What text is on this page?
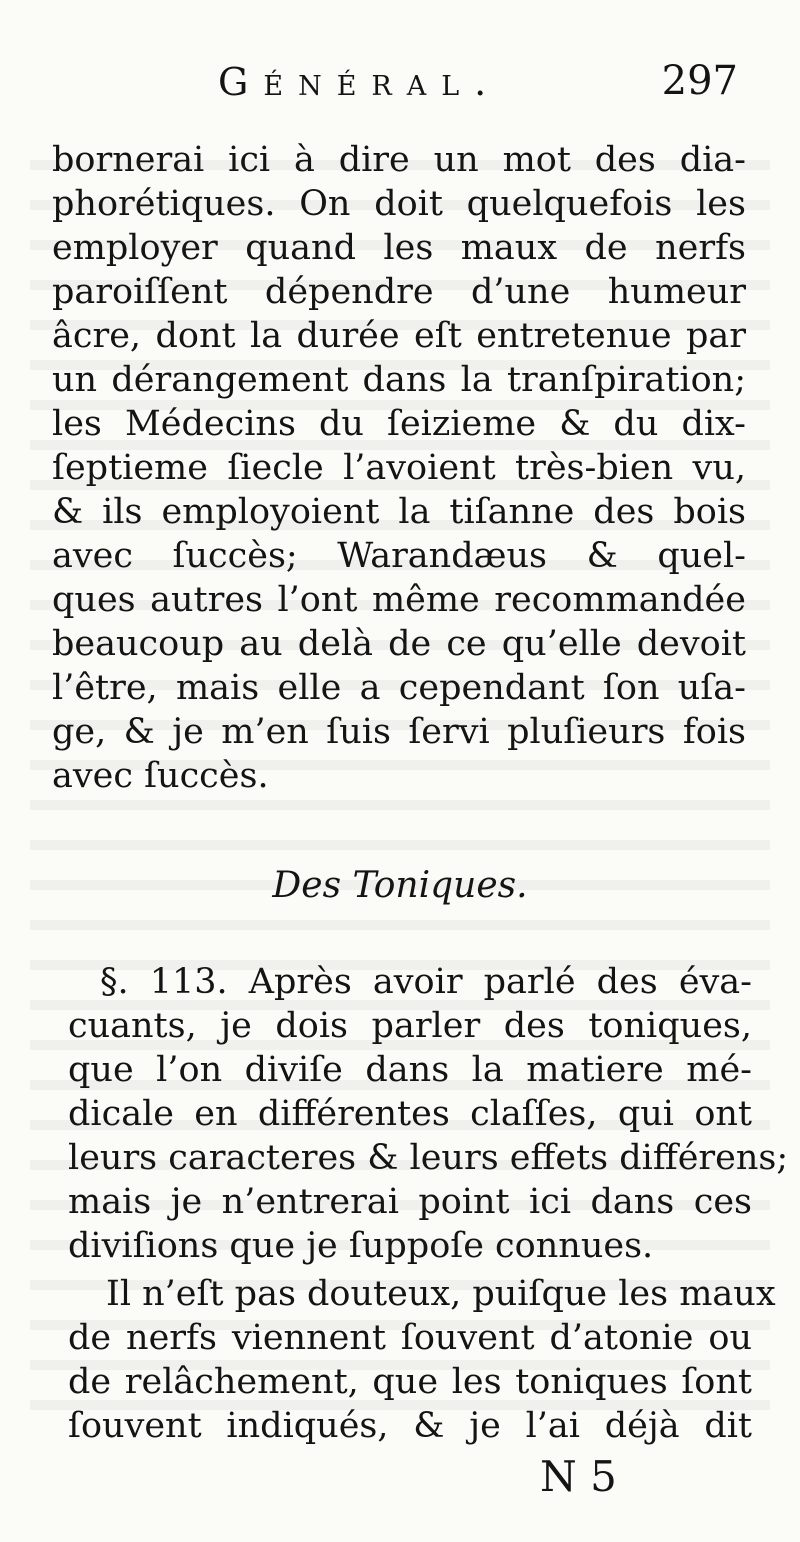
Général.	297
bornerai ici à dire un mot des dia-
phorétiques. On doit quelquefois les
employer quand les maux de nerfs
paroiſſent dépendre d’une humeur
âcre, dont la durée eſt entretenue par
un dérangement dans la tranſpiration;
les Médecins du ſeizieme & du dix-
ſeptieme ſiecle l’avoient très-bien vu,
& ils employoient la tiſanne des bois
avec ſuccès; Warandæus & quel-
ques autres l’ont même recommandée
beaucoup au delà de ce qu’elle devoit
l’être, mais elle a cependant ſon uſa-
ge, & je m’en ſuis ſervi pluſieurs fois
avec ſuccès.
Des Toniques.
§. 113. Après avoir parlé des éva-
cuants, je dois parler des toniques,
que l’on diviſe dans la matiere mé-
dicale en différentes claſſes, qui ont
leurs caracteres & leurs effets différens;
mais je n’entrerai point ici dans ces
diviſions que je ſuppoſe connues.
Il n’eſt pas douteux, puiſque les maux
de nerfs viennent ſouvent d’atonie ou
de relâchement, que les toniques ſont
ſouvent indiqués, & je l’ai déjà dit
N 5
